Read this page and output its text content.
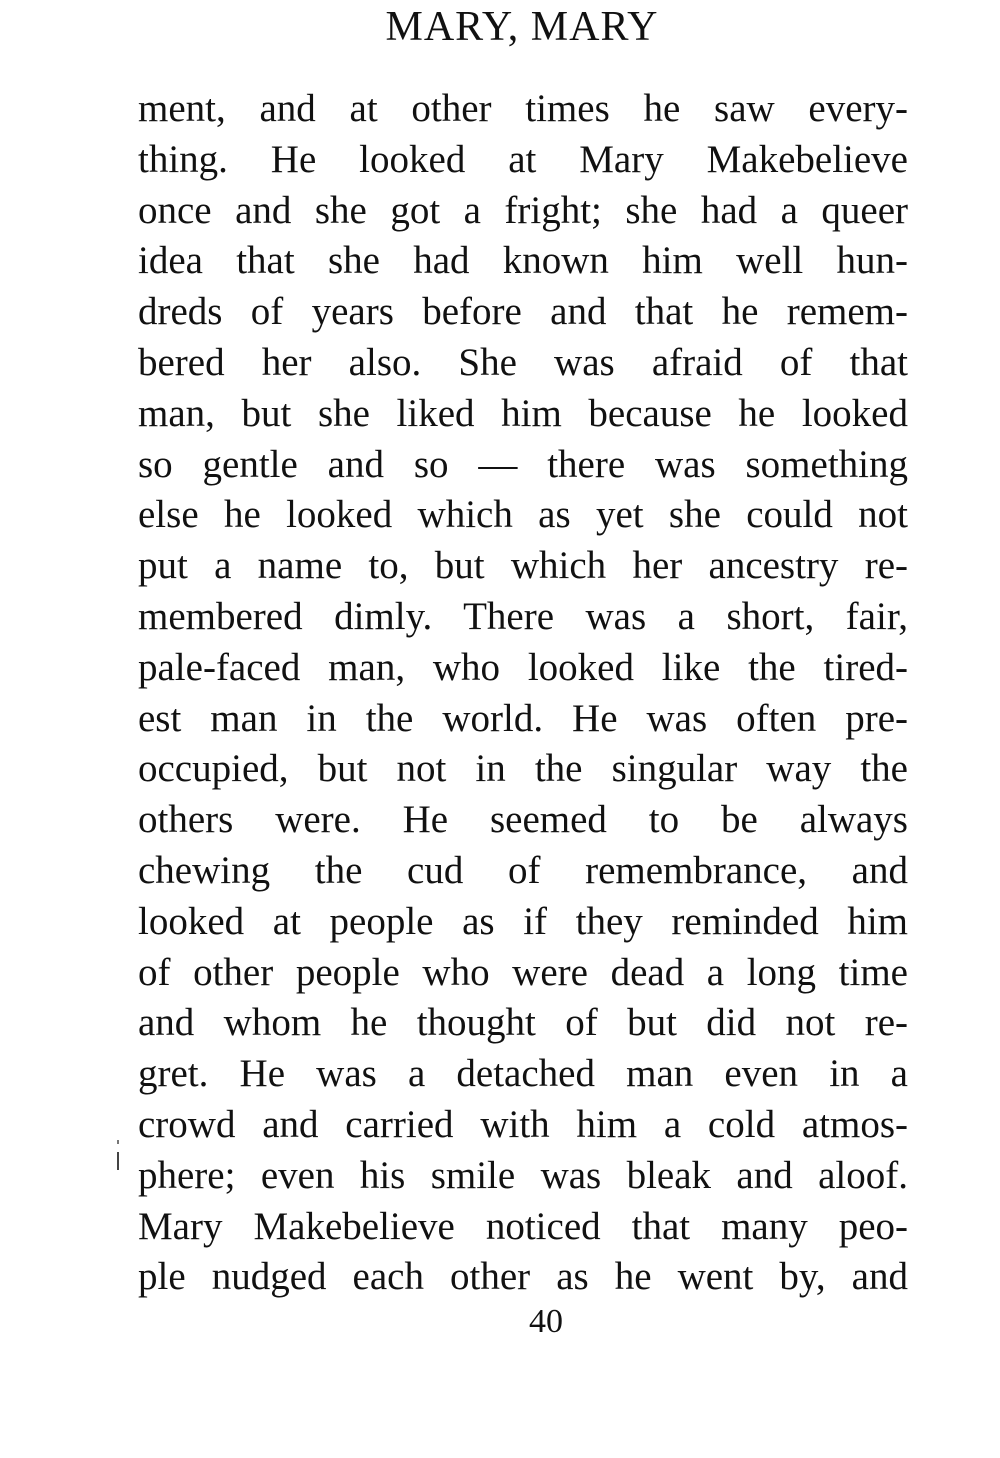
MARY, MARY
ment, and at other times he saw every-
thing. He looked at Mary Makebelieve
once and she got a fright; she had a queer
idea that she had known him well hun-
dreds of years before and that he remem-
bered her also. She was afraid of that
man, but she liked him because he looked
so gentle and so — there was something
else he looked which as yet she could not
put a name to, but which her ancestry re-
membered dimly. There was a short, fair,
pale-faced man, who looked like the tired-
est man in the world. He was often pre-
occupied, but not in the singular way the
others were. He seemed to be always
chewing the cud of remembrance, and
looked at people as if they reminded him
of other people who were dead a long time
and whom he thought of but did not re-
gret. He was a detached man even in a
crowd and carried with him a cold atmos-
phere; even his smile was bleak and aloof.
Mary Makebelieve noticed that many peo-
ple nudged each other as he went by, and
40
